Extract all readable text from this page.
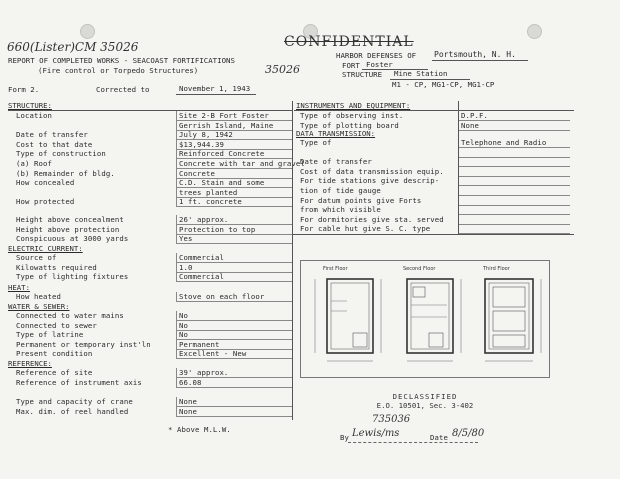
660(Lister)CM 35026	CONFIDENTIAL
REPORT OF COMPLETED WORKS - SEACOAST FORTIFICATIONS
(Fire control or Torpedo Structures)
HARBOR DEFENSES OF Portsmouth, N. H.
FORT Foster
STRUCTURE Mine Station
M1 - CP, MG1-CP, MG1-CP
Form 2.	Corrected to	November 1, 1943
35026
STRUCTURE:
Location	Site 2-B Fort Foster
Gerrish Island, Maine
Date of transfer	July 8, 1942
Cost to that date	$13,944.39
Type of construction	Reinforced Concrete
(a) Roof	Concrete with tar and gravel
(b) Remainder of bldg.	Concrete
How concealed	C.D. Stain and some
trees planted
How protected	1 ft. concrete
Height above concealment	26' approx.
Height above protection	Protection to top
Conspicuous at 3000 yards	Yes
ELECTRIC CURRENT:
Source of	Commercial
Kilowatts required	1.0
Type of lighting fixtures	Commercial
HEAT:
How heated	Stove on each floor
WATER & SEWER:
Connected to water mains	No
Connected to sewer	No
Type of latrine	No
Permanent or temporary inst'ln	Permanent
Present condition	Excellent - New
REFERENCE:
Reference of site	39' approx.
Reference of instrument axis	66.08
Type and capacity of crane	None
Max. dim. of reel handled	None
* Above M.L.W.
INSTRUMENTS AND EQUIPMENT:
Type of observing inst.	D.P.F.
Type of plotting board	None
DATA TRANSMISSION:
Type of	Telephone and Radio
Date of transfer
Cost of data transmission equip.
For tide stations give descrip-
tion of tide gauge
For datum points give Forts
from which visible
For dormitories give sta. served
For cable hut give S. C. type
First Floor	Second Floor	Third Floor
DECLASSIFIED
E.O. 10501, Sec. 3-402
735036
By Lewis/ms	Date 8/5/80
